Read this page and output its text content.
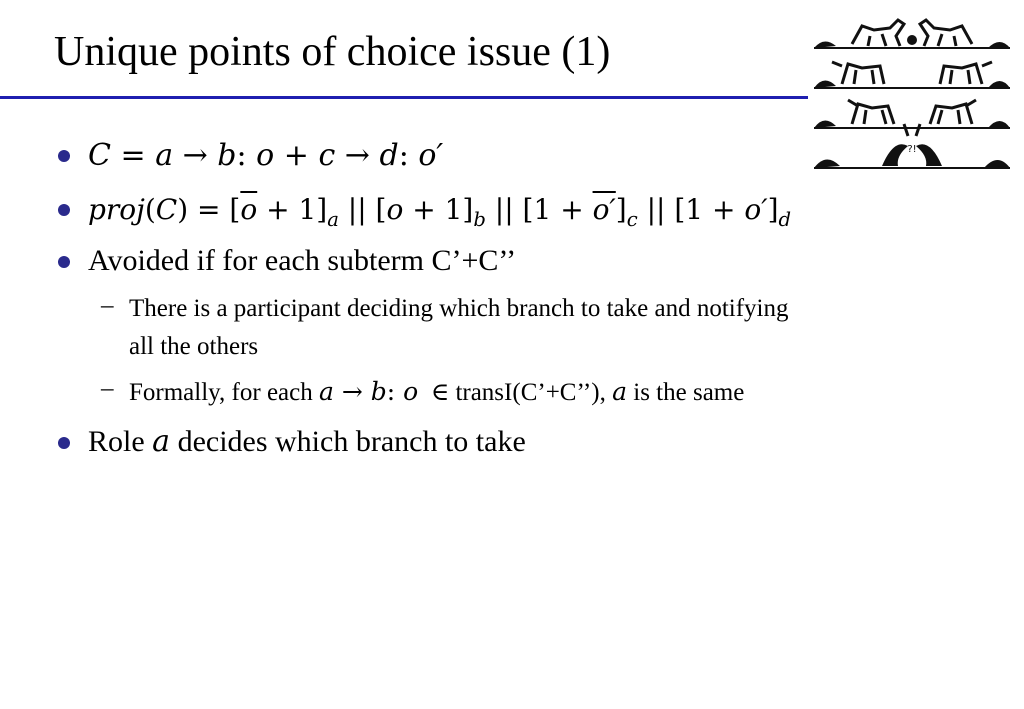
Unique points of choice issue (1)
?!
C = a → b: o + c → d: o′
proj(C) = $[\overline{o} + 1]_a$ || $[o + 1]_b$ || $[1 + o']_c$ || $[1 + o']_d$
Avoided if for each subterm C’+C’’
– There is a participant deciding which branch to take and notifying
all the others
– Formally, for each a → b: o  ∈ transI(C’+C’’), a is the same
Role a decides which branch to take
